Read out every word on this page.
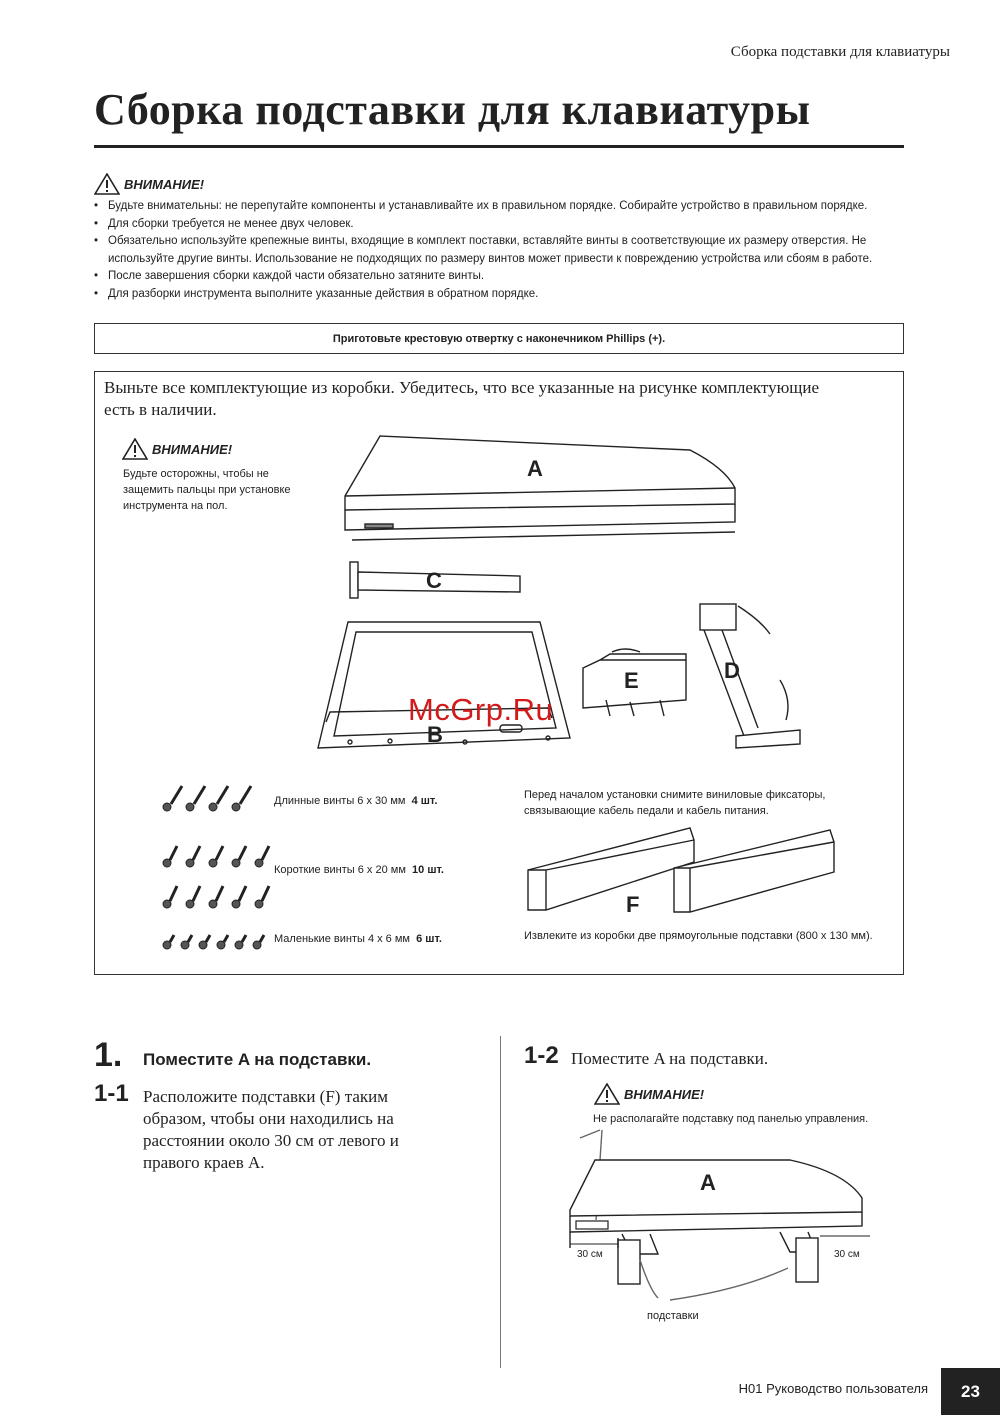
Сборка подставки для клавиатуры
Сборка подставки для клавиатуры
ВНИМАНИЕ!
• Будьте внимательны: не перепутайте компоненты и устанавливайте их в правильном порядке. Собирайте устройство в правильном порядке.
• Для сборки требуется не менее двух человек.
• Обязательно используйте крепежные винты, входящие в комплект поставки, вставляйте винты в соответствующие их размеру отверстия. Не используйте другие винты. Использование не подходящих по размеру винтов может привести к повреждению устройства или сбоям в работе.
• После завершения сборки каждой части обязательно затяните винты.
• Для разборки инструмента выполните указанные действия в обратном порядке.
Приготовьте крестовую отвертку с наконечником Phillips (+).
Выньте все комплектующие из коробки. Убедитесь, что все указанные на рисунке комплектующие есть в наличии.
ВНИМАНИЕ!
Будьте осторожны, чтобы не защемить пальцы при установке инструмента на пол.
A
B
C
D
E
F
McGrp.Ru
Длинные винты 6 x 30 мм 4 шт.
Короткие винты 6 x 20 мм 10 шт.
Маленькие винты 4 x 6 мм 6 шт.
Перед началом установки снимите виниловые фиксаторы, связывающие кабель педали и кабель питания.
Извлеките из коробки две прямоугольные подставки (800 x 130 мм).
1. Поместите A на подставки.
1-1 Расположите подставки (F) таким образом, чтобы они находились на расстоянии около 30 см от левого и правого краев A.
1-2 Поместите A на подставки.
ВНИМАНИЕ!
Не располагайте подставку под панелью управления.
A
30 см	30 см
подставки
H01 Руководство пользователя	23
